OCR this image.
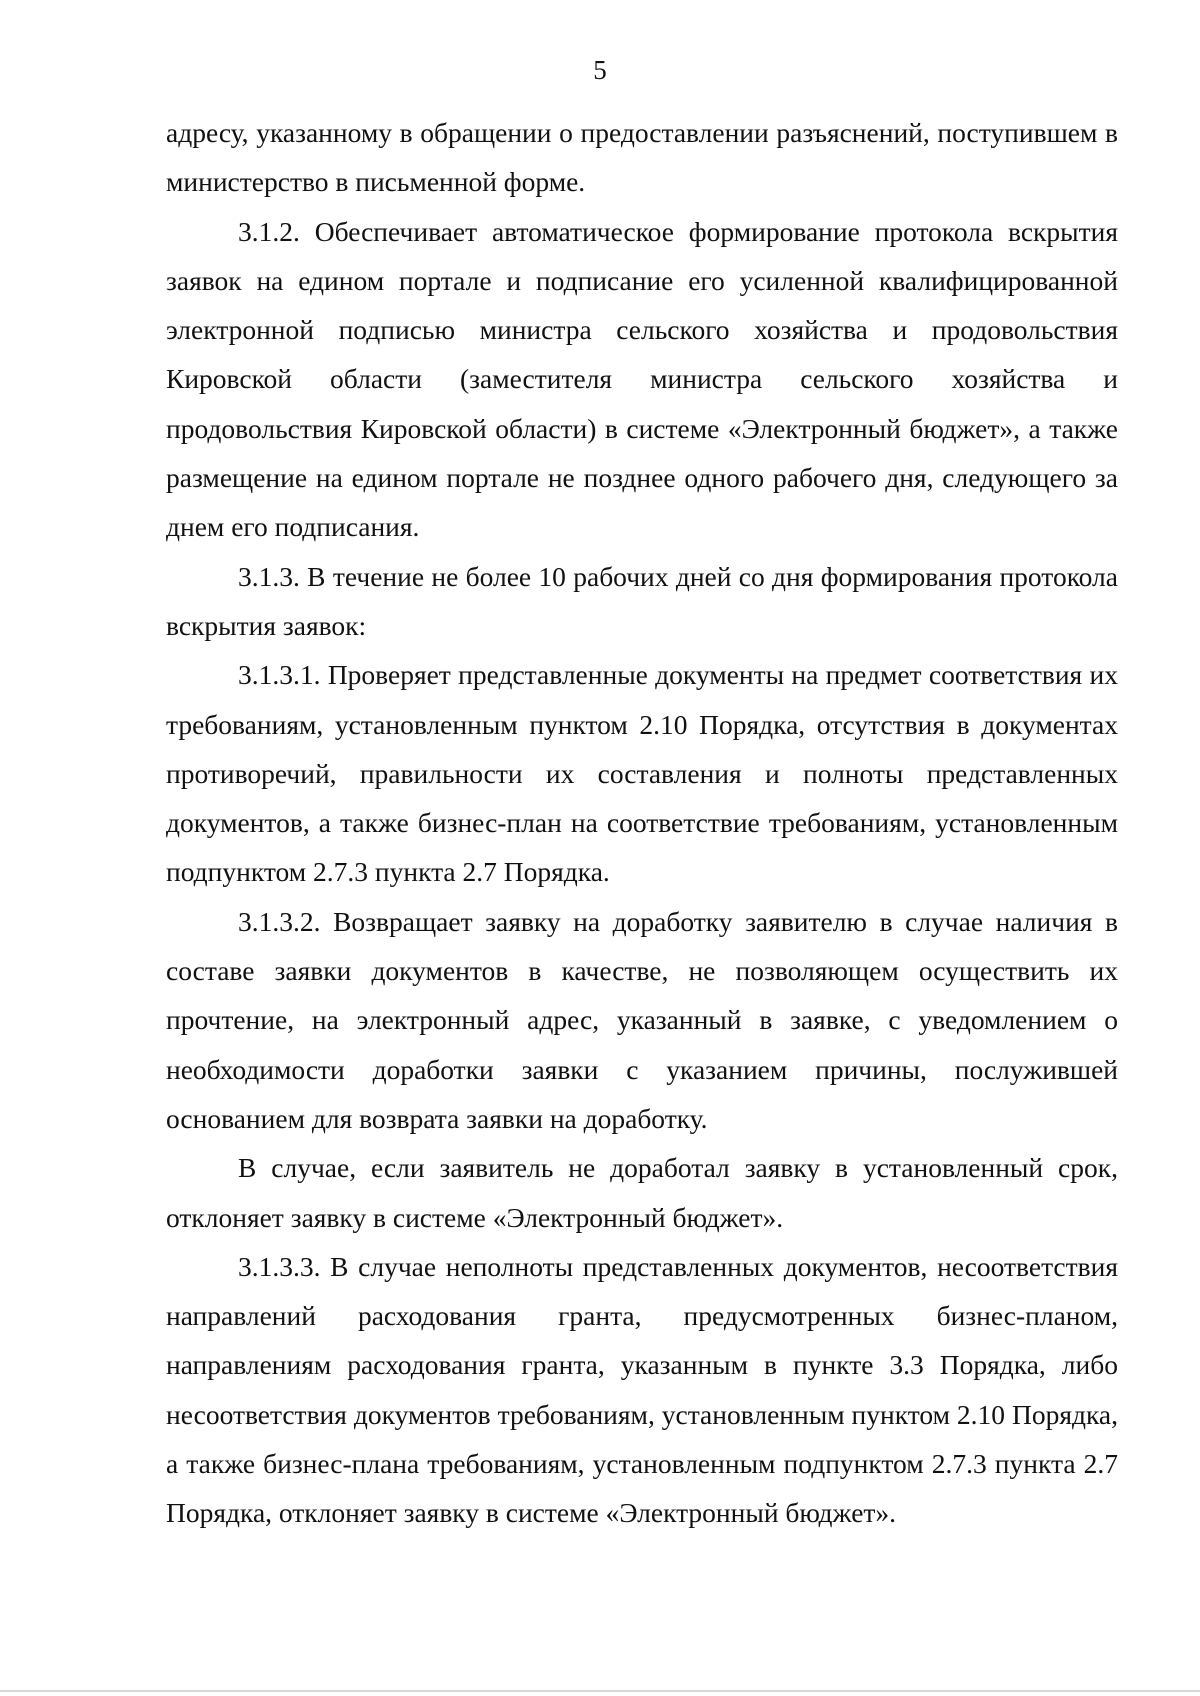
5

адресу, указанному в обращении о предоставлении разъяснений, поступившем в министерство в письменной форме.

3.1.2. Обеспечивает автоматическое формирование протокола вскрытия заявок на едином портале и подписание его усиленной квалифицированной электронной подписью министра сельского хозяйства и продовольствия Кировской области (заместителя министра сельского хозяйства и продовольствия Кировской области) в системе «Электронный бюджет», а также размещение на едином портале не позднее одного рабочего дня, следующего за днем его подписания.

3.1.3. В течение не более 10 рабочих дней со дня формирования протокола вскрытия заявок:

3.1.3.1. Проверяет представленные документы на предмет соответствия их требованиям, установленным пунктом 2.10 Порядка, отсутствия в документах противоречий, правильности их составления и полноты представленных документов, а также бизнес-план на соответствие требованиям, установленным подпунктом 2.7.3 пункта 2.7 Порядка.

3.1.3.2. Возвращает заявку на доработку заявителю в случае наличия в составе заявки документов в качестве, не позволяющем осуществить их прочтение, на электронный адрес, указанный в заявке, с уведомлением о необходимости доработки заявки с указанием причины, послужившей основанием для возврата заявки на доработку.

В случае, если заявитель не доработал заявку в установленный срок, отклоняет заявку в системе «Электронный бюджет».

3.1.3.3. В случае неполноты представленных документов, несоответствия направлений расходования гранта, предусмотренных бизнес-планом, направлениям расходования гранта, указанным в пункте 3.3 Порядка, либо несоответствия документов требованиям, установленным пунктом 2.10 Порядка, а также бизнес-плана требованиям, установленным подпунктом 2.7.3 пункта 2.7 Порядка, отклоняет заявку в системе «Электронный бюджет».
